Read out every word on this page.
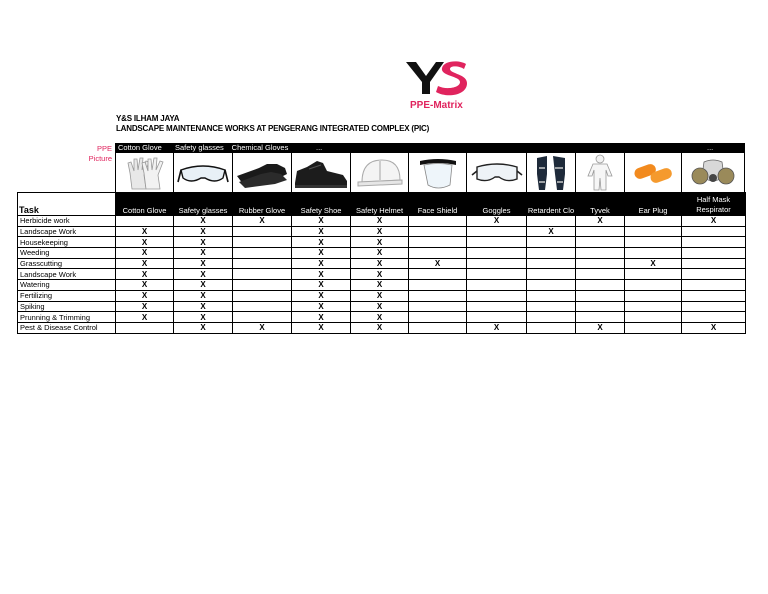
PPE-Matrix
Y&S ILHAM JAYA
LANDSCAPE MAINTENANCE WORKS AT PENGERANG INTEGRATED COMPLEX (PIC)
PPE
Picture
Cotton Glove	Safety glasses	Chemical Gloves	...	...
Task	Cotton Glove	Safety glasses	Rubber Glove	Safety Shoe	Safety Helmet	Face Shield	Goggles	Retardent Clo	Tyvek	Ear Plug	Half Mask Respirator
Herbicide work		X	X	X	X		X		X		X
Landscape Work	X	X		X	X			X			
Housekeeping	X	X		X	X						
Weeding	X	X		X	X						
Grasscutting	X	X		X	X	X				X	
Landscape Work	X	X		X	X						
Watering	X	X		X	X						
Fertilizing	X	X		X	X						
Spiking	X	X		X	X						
Prunning & Trimming	X	X		X	X						
Pest & Disease Control		X	X	X	X		X		X		X
